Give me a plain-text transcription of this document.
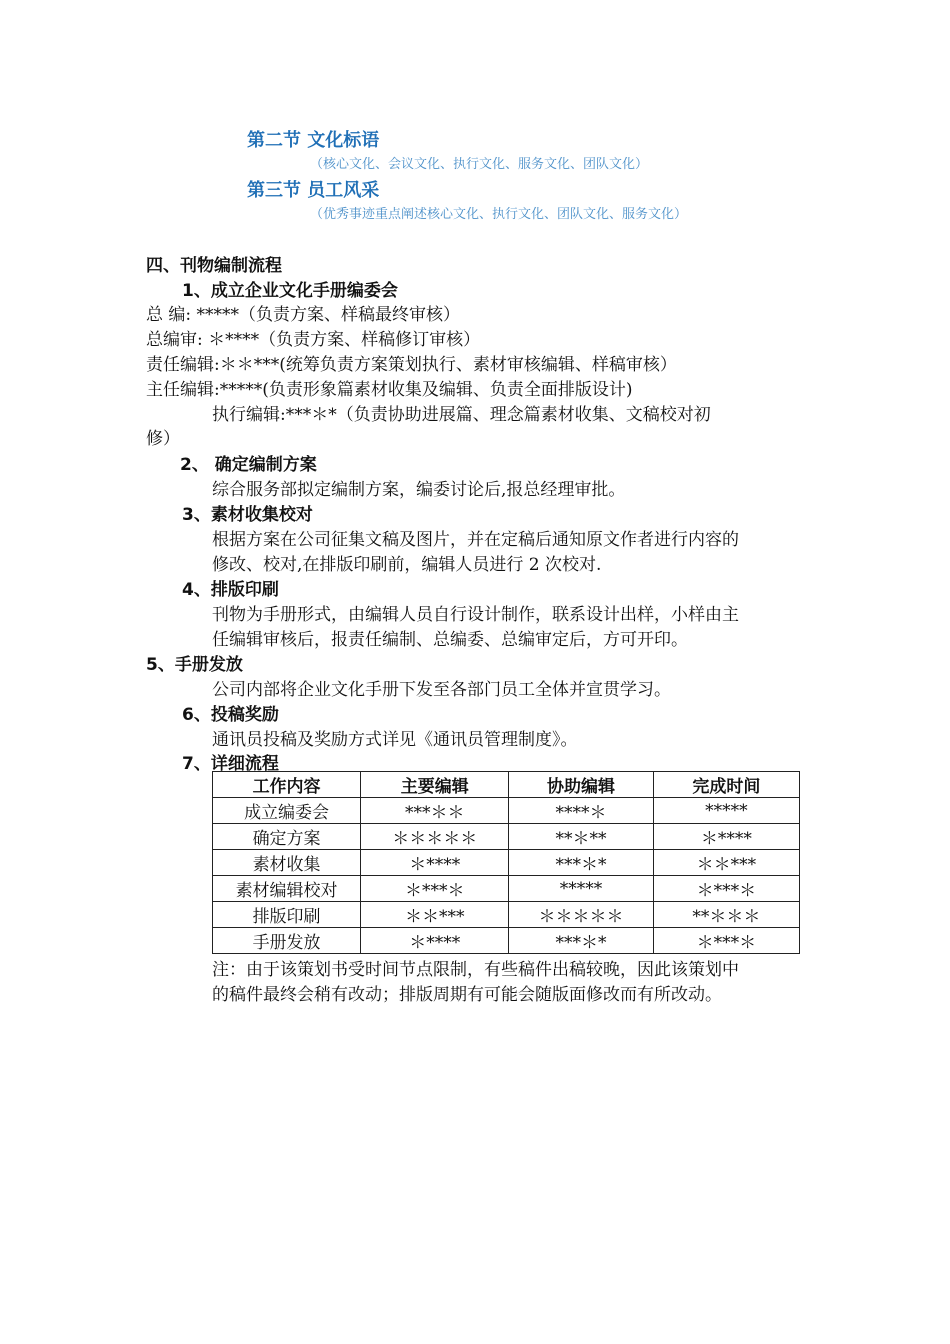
第二节 文化标语
（核心文化、会议文化、执行文化、服务文化、团队文化）
第三节 员工风采
（优秀事迹重点阐述核心文化、执行文化、团队文化、服务文化）
四、刊物编制流程
1、成立企业文化手册编委会
总 编: *****（负责方案、样稿最终审核）
总编审: ＊****（负责方案、样稿修订审核）
责任编辑:＊＊***(统筹负责方案策划执行、素材审核编辑、样稿审核）
主任编辑:*****(负责形象篇素材收集及编辑、负责全面排版设计)
执行编辑:***＊*（负责协助进展篇、理念篇素材收集、文稿校对初
修）
2、 确定编制方案
综合服务部拟定编制方案，编委讨论后,报总经理审批。
3、素材收集校对
根据方案在公司征集文稿及图片，并在定稿后通知原文作者进行内容的
修改、校对,在排版印刷前，编辑人员进行 2 次校对.
4、排版印刷
刊物为手册形式，由编辑人员自行设计制作，联系设计出样，小样由主
任编辑审核后，报责任编制、总编委、总编审定后，方可开印。
5、手册发放
公司内部将企业文化手册下发至各部门员工全体并宣贯学习。
6、投稿奖励
通讯员投稿及奖励方式详见《通讯员管理制度》。
7、详细流程
工作内容	主要编辑	协助编辑	完成时间
成立编委会	***＊＊	****＊	*****
确定方案	＊＊＊＊＊	**＊**	＊****
素材收集	＊****	***＊*	＊＊***
素材编辑校对	＊***＊	*****	＊***＊
排版印刷	＊＊***	＊＊＊＊＊	**＊＊＊
手册发放	＊****	***＊*	＊***＊
注：由于该策划书受时间节点限制，有些稿件出稿较晚，因此该策划中
的稿件最终会稍有改动；排版周期有可能会随版面修改而有所改动。
